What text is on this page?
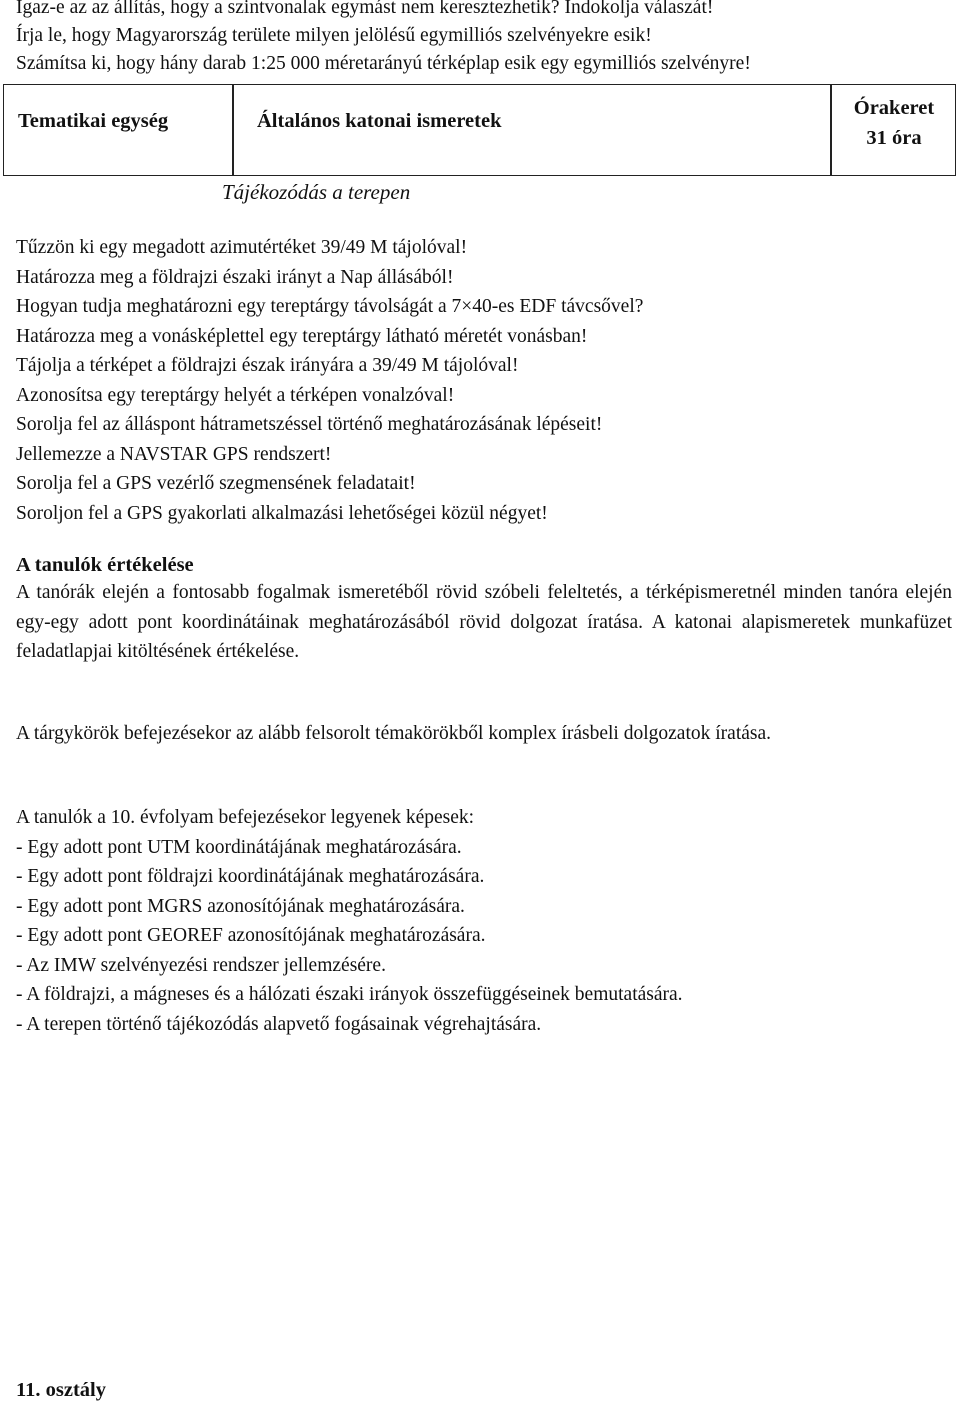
Igaz-e az az állítás, hogy a szintvonalak egymást nem keresztezhetik? Indokolja válaszát!
Írja le, hogy Magyarország területe milyen jelölésű egymilliós szelvényekre esik!
Számítsa ki, hogy hány darab 1:25 000 méretarányú térképlap esik egy egymilliós szelvényre!
Tematikai egység	Általános katonai ismeretek
Órakeret
31 óra
Tájékozódás a terepen
Tűzzön ki egy megadott azimutértéket 39/49 M tájolóval!
Határozza meg a földrajzi északi irányt a Nap állásából!
Hogyan tudja meghatározni egy tereptárgy távolságát a 7×40-es EDF távcsővel?
Határozza meg a vonásképlettel egy tereptárgy látható méretét vonásban!
Tájolja a térképet a földrajzi észak irányára a 39/49 M tájolóval!
Azonosítsa egy tereptárgy helyét a térképen vonalzóval!
Sorolja fel az álláspont hátrametszéssel történő meghatározásának lépéseit!
Jellemezze a NAVSTAR GPS rendszert!
Sorolja fel a GPS vezérlő szegmensének feladatait!
Soroljon fel a GPS gyakorlati alkalmazási lehetőségei közül négyet!
A tanulók értékelése
A tanórák elején a fontosabb fogalmak ismeretéből rövid szóbeli feleltetés, a térképismeretnél minden tanóra elején egy-egy adott pont koordinátáinak meghatározásából rövid dolgozat íratása. A katonai alapismeretek munkafüzet feladatlapjai kitöltésének értékelése.
A tárgykörök befejezésekor az alább felsorolt témakörökből komplex írásbeli dolgozatok íratása.
A tanulók a 10. évfolyam befejezésekor legyenek képesek:
- Egy adott pont UTM koordinátájának meghatározására.
- Egy adott pont földrajzi koordinátájának meghatározására.
- Egy adott pont MGRS azonosítójának meghatározására.
- Egy adott pont GEOREF azonosítójának meghatározására.
- Az IMW szelvényezési rendszer jellemzésére.
- A földrajzi, a mágneses és a hálózati északi irányok összefüggéseinek bemutatására.
- A terepen történő tájékozódás alapvető fogásainak végrehajtására.
11. osztály
